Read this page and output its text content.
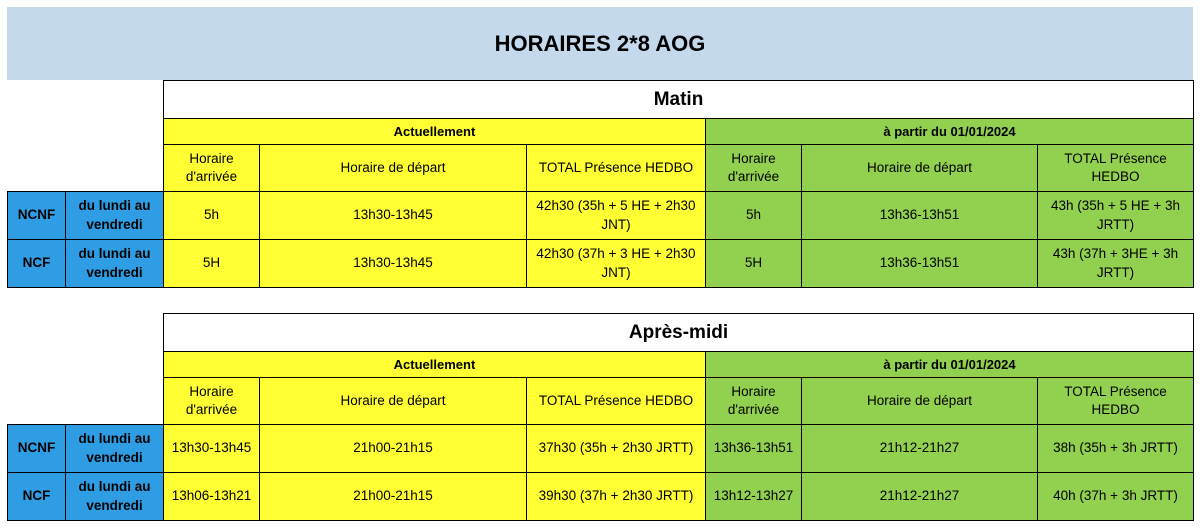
HORAIRES 2*8 AOG
		Matin					
		Actuellement			à partir du 01/01/2024		
		Horaire d'arrivée	Horaire de départ	TOTAL Présence HEDBO	Horaire d'arrivée	Horaire de départ	TOTAL Présence HEDBO
NCNF	du lundi au vendredi	5h	13h30-13h45	42h30 (35h + 5 HE + 2h30 JNT)	5h	13h36-13h51	43h (35h + 5 HE + 3h JRTT)
NCF	du lundi au vendredi	5H	13h30-13h45	42h30 (37h + 3 HE + 2h30 JNT)	5H	13h36-13h51	43h (37h + 3HE + 3h JRTT)
		Après-midi					
		Actuellement			à partir du 01/01/2024		
		Horaire d'arrivée	Horaire de départ	TOTAL Présence HEDBO	Horaire d'arrivée	Horaire de départ	TOTAL Présence HEDBO
NCNF	du lundi au vendredi	13h30-13h45	21h00-21h15	37h30 (35h + 2h30 JRTT)	13h36-13h51	21h12-21h27	38h (35h + 3h JRTT)
NCF	du lundi au vendredi	13h06-13h21	21h00-21h15	39h30 (37h + 2h30 JRTT)	13h12-13h27	21h12-21h27	40h (37h + 3h JRTT)
